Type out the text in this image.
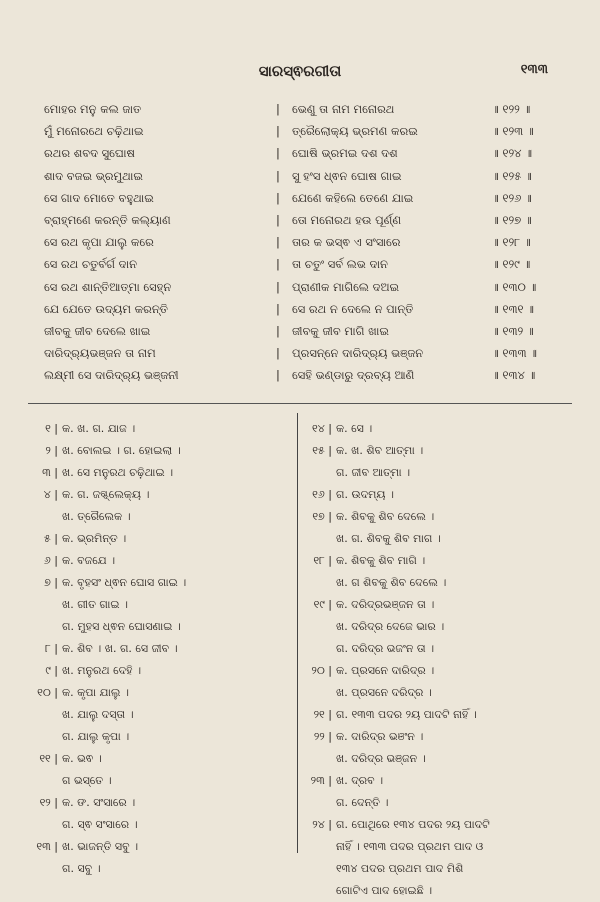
ସାରସ୍ଵରଗୀତା	୧୩୩
ମୋହର ମନୁ କଲ ଜାତ	| ଭେଣୁ ତା ନାମ ମନୋରଥ	॥ ୧୨୨ ॥
ମୁଁ ମନୋରଥେ ଚଢ଼ିଥାଇ	| ତ୍ରୈଲୋକ୍ୟ ଭ୍ରମଣ କରଇ	॥ ୧୨୩ ॥
ରଥର ଶବଦ ସୁଘୋଷ	| ଘୋଷି ଭ୍ରମଇ ଦଶ ଦଶ	॥ ୧୨୪ ॥
ଶାଦ ବଜଇ ଭ୍ରମୁଥାଇ	| ସୁ ହଂସ ଧ୍ଵନ ଘୋଷ ଗାଇ	॥ ୧୨୫ ॥
ସେ ଗାଦ ମୋତେ ବହୁଥାଇ	| ଯେଣେ କହିଲେ ତେଣେ ଯାଇ	॥ ୧୨୬ ॥
ବ୍ରାହ୍ମଣେ କରନ୍ତି କଲ୍ୟାଣ	| ତୋ ମନୋରଥ ହଉ ପୂର୍ଣ୍ଣ	॥ ୧୨୭ ॥
ସେ ରଥ କୃପା ଯାଲୁ କରେ	| ତାର କ ଭସ୍ଵ ଏ ସଂସାରେ	॥ ୧୨୮ ॥
ସେ ରଥ ଚତୁର୍ବର୍ଗ ଦାନ	| ତା ଚତୁଂ ସର୍ବ ଲଭ ଦାନ	॥ ୧୨୯ ॥
ସେ ରଥ ଶାନ୍ତିଆତ୍ମା ସେହ୍ନ	| ପ୍ରାଣୀକ ମାଗିଲେ ଦଅଇ	॥ ୧୩୦ ॥
ଯେ ଯେତେ ଉଦ୍ୟମ କରନ୍ତି	| ସେ ରଥ ନ ଦେଲେ ନ ପାନ୍ତି	॥ ୧୩୧ ॥
ଜୀବକୁ ଜୀବ ଦେଲେ ଖାଇ	| ଜୀବକୁ ଜୀବ ମାଗି ଖାଇ	॥ ୧୩୨ ॥
ଦାରିଦ୍ର୍ୟଭଞ୍ଜନ ତା ନାମ	| ପ୍ରସନ୍ନେ ଦାରିଦ୍ର୍ୟ ଭଞ୍ଜନ	॥ ୧୩୩ ॥
ଲକ୍ଷ୍ମୀ ସେ ଦାରିଦ୍ର୍ୟ ଭଞ୍ଜନୀ	| ସେହି ଭଣ୍ଡାରୁ ଦ୍ରବ୍ୟ ଆଣି	॥ ୧୩୪ ॥
୧ | କ. ଖ. ଗ. ଯାଜ ।
୨ | ଖ. ବୋଲଇ । ଗ. ହୋଇଲା ।
୩ | ଖ. ସେ ମନୁରଥ ଚଢ଼ିଥାଇ ।
୪ | କ. ଗ. ଜଗ୍ଦ୍ଲେକ୍ୟ ।
ଖ. ତ୍ରୈଲେକ ।
୫ | କ. ଭ୍ରମିନ୍ତ ।
୬ | କ. ବଜଯେ ।
୭ | କ. ବୃହସଂ ଧ୍ଵନ ଘୋସ ଗାଇ ।
ଖ. ଗୀତ ଗାଇ ।
ଗ. ମୁହସ ଧ୍ଵନ ଘୋସଣାଇ ।
୮ | କ. ଶିବ । ଖ. ଗ. ସେ ଜୀବ ।
୯ | ଖ. ମନୁରଥ ଦେହି ।
୧୦ | କ. କୃପା ଯାଲୁ ।
ଖ. ଯାଲୁ ଦସ୍ତା ।
ଗ. ଯାଲୁ କୃପା ।
୧୧ | କ. ଭଵ ।
ଗ ଭସ୍ତେ ।
୧୨ | କ. ଙ. ସଂସାରେ ।
ଗ. ସ୍ଵ ସଂସାରେ ।
୧୩ | ଖ. ଭାଜନ୍ତି ସବୁ ।
ଗ. ସବୁ ।
୧୪ | କ. ସେ ।
୧୫ | କ. ଖ. ଶିବ ଆତ୍ମା ।
ଗ. ଜୀବ ଆତ୍ମା ।
୧୬ | ଗ. ଉଦମ୍ୟ ।
୧୭ | କ. ଶିବକୁ ଶିବ ଦେଲେ ।
ଖ. ଗ. ଶିବକୁ ଶିବ ମାଗ ।
୧୮ | କ. ଶିବକୁ ଶିବ ମାଗି ।
ଖ. ଗ ଶିବକୁ ଶିବ ଦେଲେ ।
୧୯ | କ. ଦରିଦ୍ରଭଞ୍ଜନ ତା ।
ଖ. ଦରିଦ୍ର ଦେଜେ ଭାର ।
ଗ. ଦରିଦ୍ର ଭଜଂନ ତା ।
୨୦ | କ. ପ୍ରସନେ ଦାରିଦ୍ର ।
ଖ. ପ୍ରସନେ ଦରିଦ୍ର ।
୨୧ | ଗ. ୧୩୩ ପଦର ୨ୟ ପାଦଟି ନାହିଁ ।
୨୨ | କ. ଦାରିଦ୍ର ଭଞଂନ ।
ଖ. ଦରିଦ୍ର ଭଞ୍ଜନ ।
୨୩ | ଖ. ଦ୍ରବ ।
ଗ. ଦେନ୍ତି ।
୨୪ | ଗ. ପୋଥିରେ ୧୩୪ ପଦର ୨ୟ ପାଦଟି
ନାହିଁ । ୧୩୩ ପଦର ପ୍ରଥମ ପାଦ ଓ
୧୩୪ ପଦର ପ୍ରଥମ ପାଦ ମିଶି
ଗୋଟିଏ ପାଦ ହୋଇଛି ।
